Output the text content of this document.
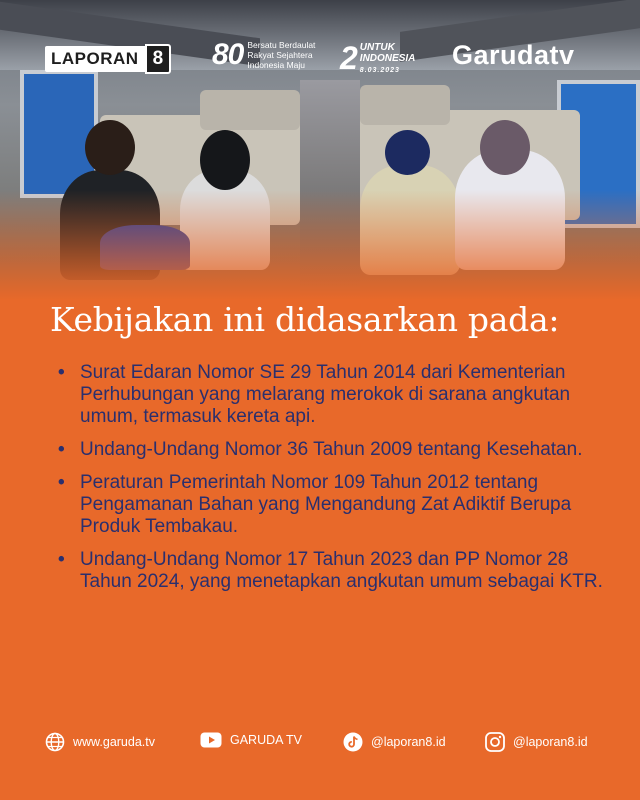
LAPORAN 8 80 Bersatu Berdaulat Rakyat Sejahtera Indonesia Maju	2 UNTUK
INDONESIA
8.03.2023	Garudatv
Kebijakan ini didasarkan pada:
• Surat Edaran Nomor SE 29 Tahun 2014 dari Kementerian Perhubungan yang melarang merokok di sarana angkutan umum, termasuk kereta api.
• Undang-Undang Nomor 36 Tahun 2009 tentang Kesehatan.
• Peraturan Pemerintah Nomor 109 Tahun 2012 tentang Pengamanan Bahan yang Mengandung Zat Adiktif Berupa Produk Tembakau.
• Undang-Undang Nomor 17 Tahun 2023 dan PP Nomor 28 Tahun 2024, yang menetapkan angkutan umum sebagai KTR.
www.garuda.tv	GARUDA TV	@laporan8.id	@laporan8.id
